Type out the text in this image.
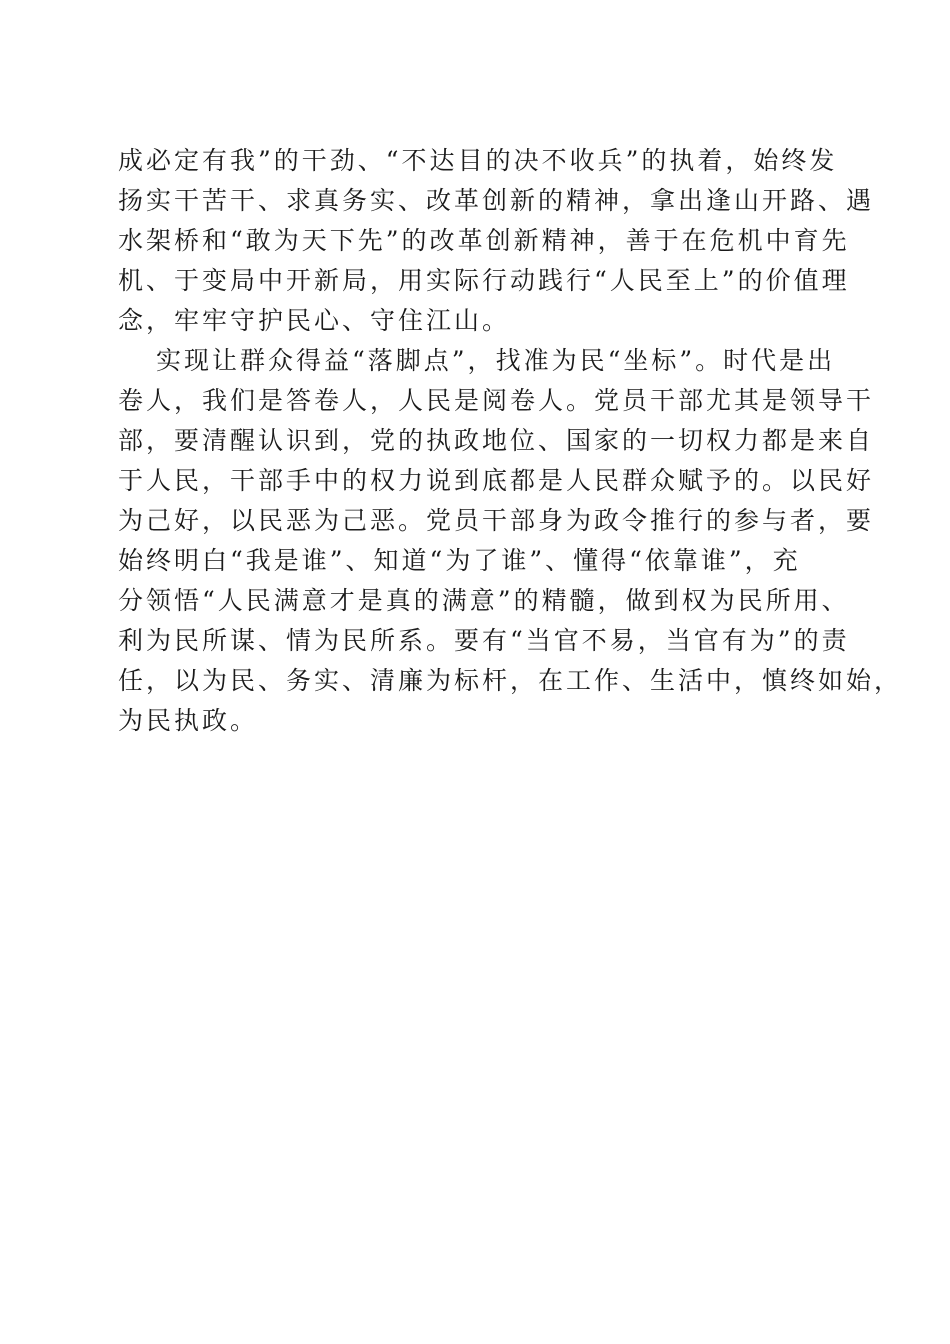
成必定有我”的干劲、“不达目的决不收兵”的执着，始终发
扬实干苦干、求真务实、改革创新的精神，拿出逢山开路、遇
水架桥和“敢为天下先”的改革创新精神，善于在危机中育先
机、于变局中开新局，用实际行动践行“人民至上”的价值理
念，牢牢守护民心、守住江山。
实现让群众得益“落脚点”，找准为民“坐标”。时代是出
卷人，我们是答卷人，人民是阅卷人。党员干部尤其是领导干
部，要清醒认识到，党的执政地位、国家的一切权力都是来自
于人民，干部手中的权力说到底都是人民群众赋予的。以民好
为己好，以民恶为己恶。党员干部身为政令推行的参与者，要
始终明白“我是谁”、知道“为了谁”、懂得“依靠谁”，充
分领悟“人民满意才是真的满意”的精髓，做到权为民所用、
利为民所谋、情为民所系。要有“当官不易，当官有为”的责
任，以为民、务实、清廉为标杆，在工作、生活中，慎终如始，
为民执政。
